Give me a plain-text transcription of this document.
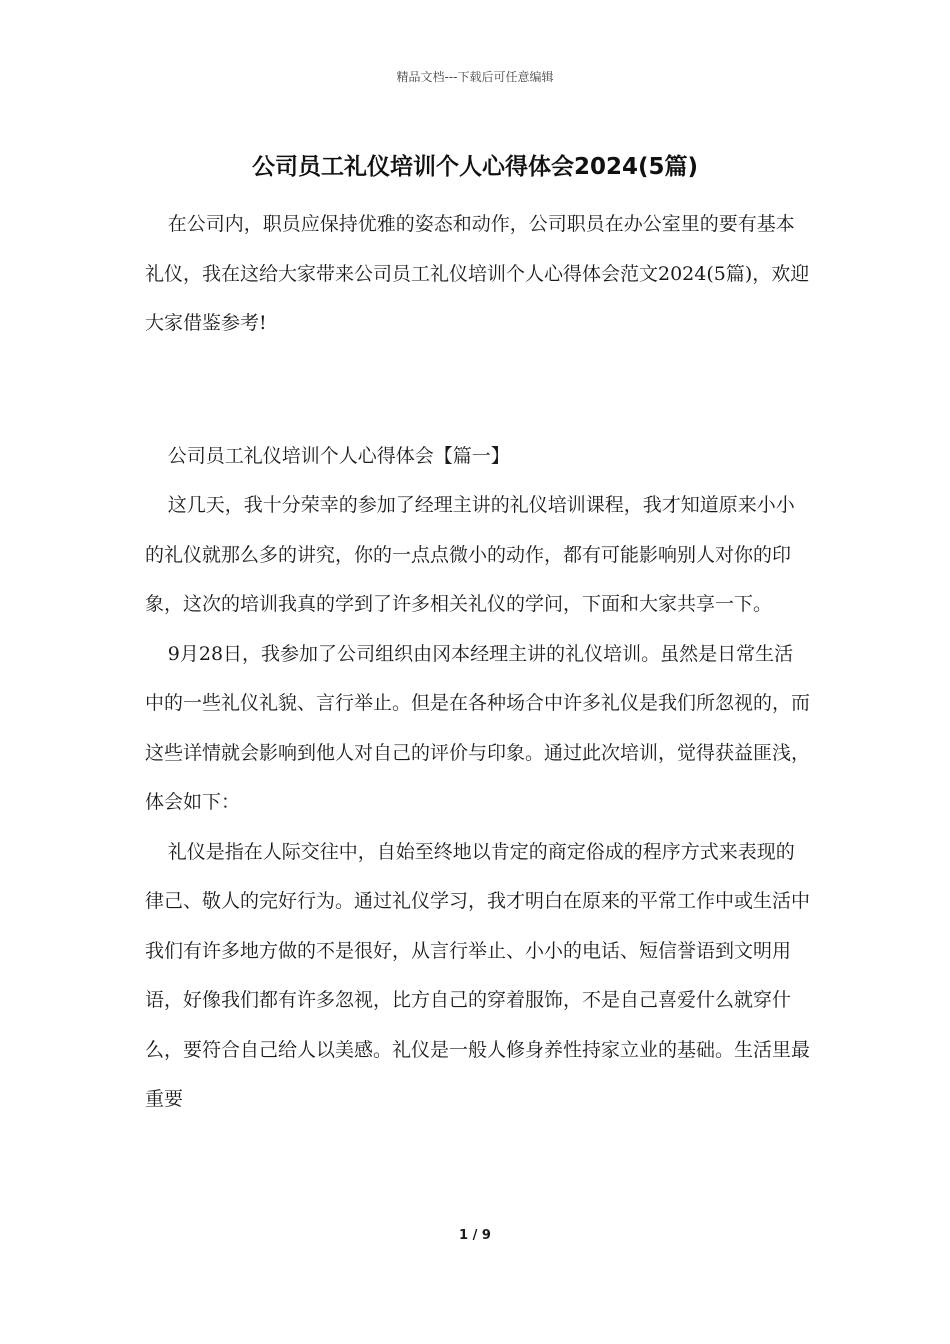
精品文档---下载后可任意编辑
公司员工礼仪培训个人心得体会2024(5篇)

在公司内，职员应保持优雅的姿态和动作，公司职员在办公室里的要有基本礼仪，我在这给大家带来公司员工礼仪培训个人心得体会范文2024(5篇)，欢迎大家借鉴参考!

公司员工礼仪培训个人心得体会【篇一】

这几天，我十分荣幸的参加了经理主讲的礼仪培训课程，我才知道原来小小的礼仪就那么多的讲究，你的一点点微小的动作，都有可能影响别人对你的印象，这次的培训我真的学到了许多相关礼仪的学问，下面和大家共享一下。

9月28日，我参加了公司组织由冈本经理主讲的礼仪培训。虽然是日常生活中的一些礼仪礼貌、言行举止。但是在各种场合中许多礼仪是我们所忽视的，而这些详情就会影响到他人对自己的评价与印象。通过此次培训，觉得获益匪浅，体会如下：

礼仪是指在人际交往中，自始至终地以肯定的商定俗成的程序方式来表现的律己、敬人的完好行为。通过礼仪学习，我才明白在原来的平常工作中或生活中我们有许多地方做的不是很好，从言行举止、小小的电话、短信誉语到文明用语，好像我们都有许多忽视，比方自己的穿着服饰，不是自己喜爱什么就穿什么，要符合自己给人以美感。礼仪是一般人修身养性持家立业的基础。生活里最重要

1 / 9
